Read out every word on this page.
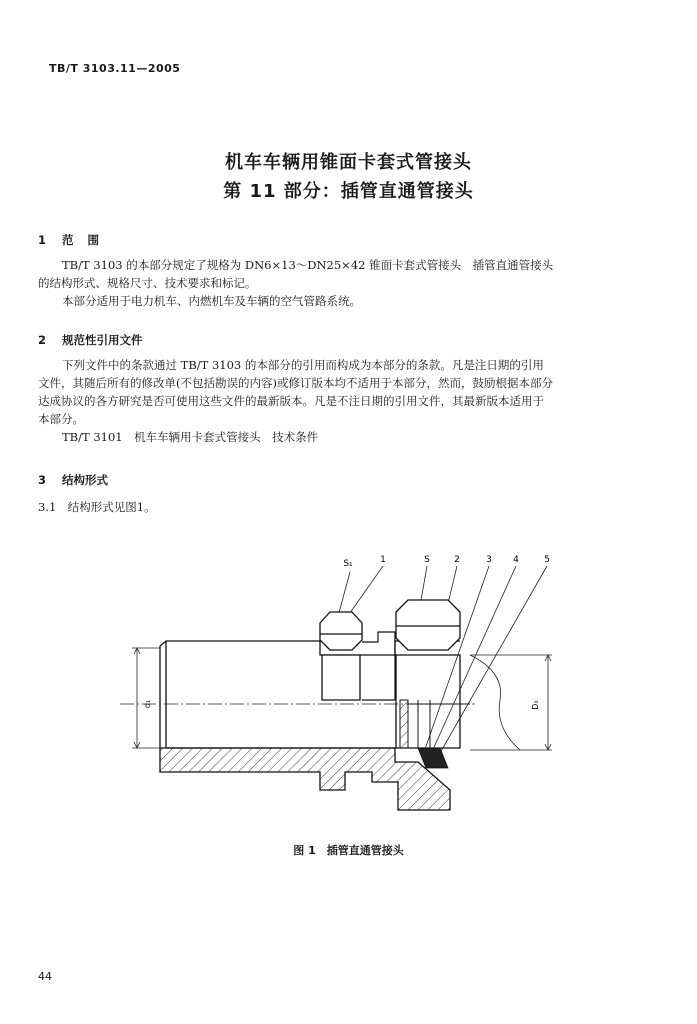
TB/T 3103.11—2005
机车车辆用锥面卡套式管接头
第 11 部分：插管直通管接头
1 范围
TB/T 3103 的本部分规定了规格为 DN6×13～DN25×42 锥面卡套式管接头　插管直通管接头
的结构形式、规格尺寸、技术要求和标记。
本部分适用于电力机车、内燃机车及车辆的空气管路系统。
2 规范性引用文件
下列文件中的条款通过 TB/T 3103 的本部分的引用而构成为本部分的条款。凡是注日期的引用
文件，其随后所有的修改单(不包括勘误的内容)或修订版本均不适用于本部分，然而，鼓励根据本部分
达成协议的各方研究是否可使用这些文件的最新版本。凡是不注日期的引用文件，其最新版本适用于
本部分。
TB/T 3101　机车车辆用卡套式管接头　技术条件
3 结构形式
3.1　结构形式见图1。
S₁	1	S	2	3 4	5
d₁	D₀
图 1　插管直通管接头
44
